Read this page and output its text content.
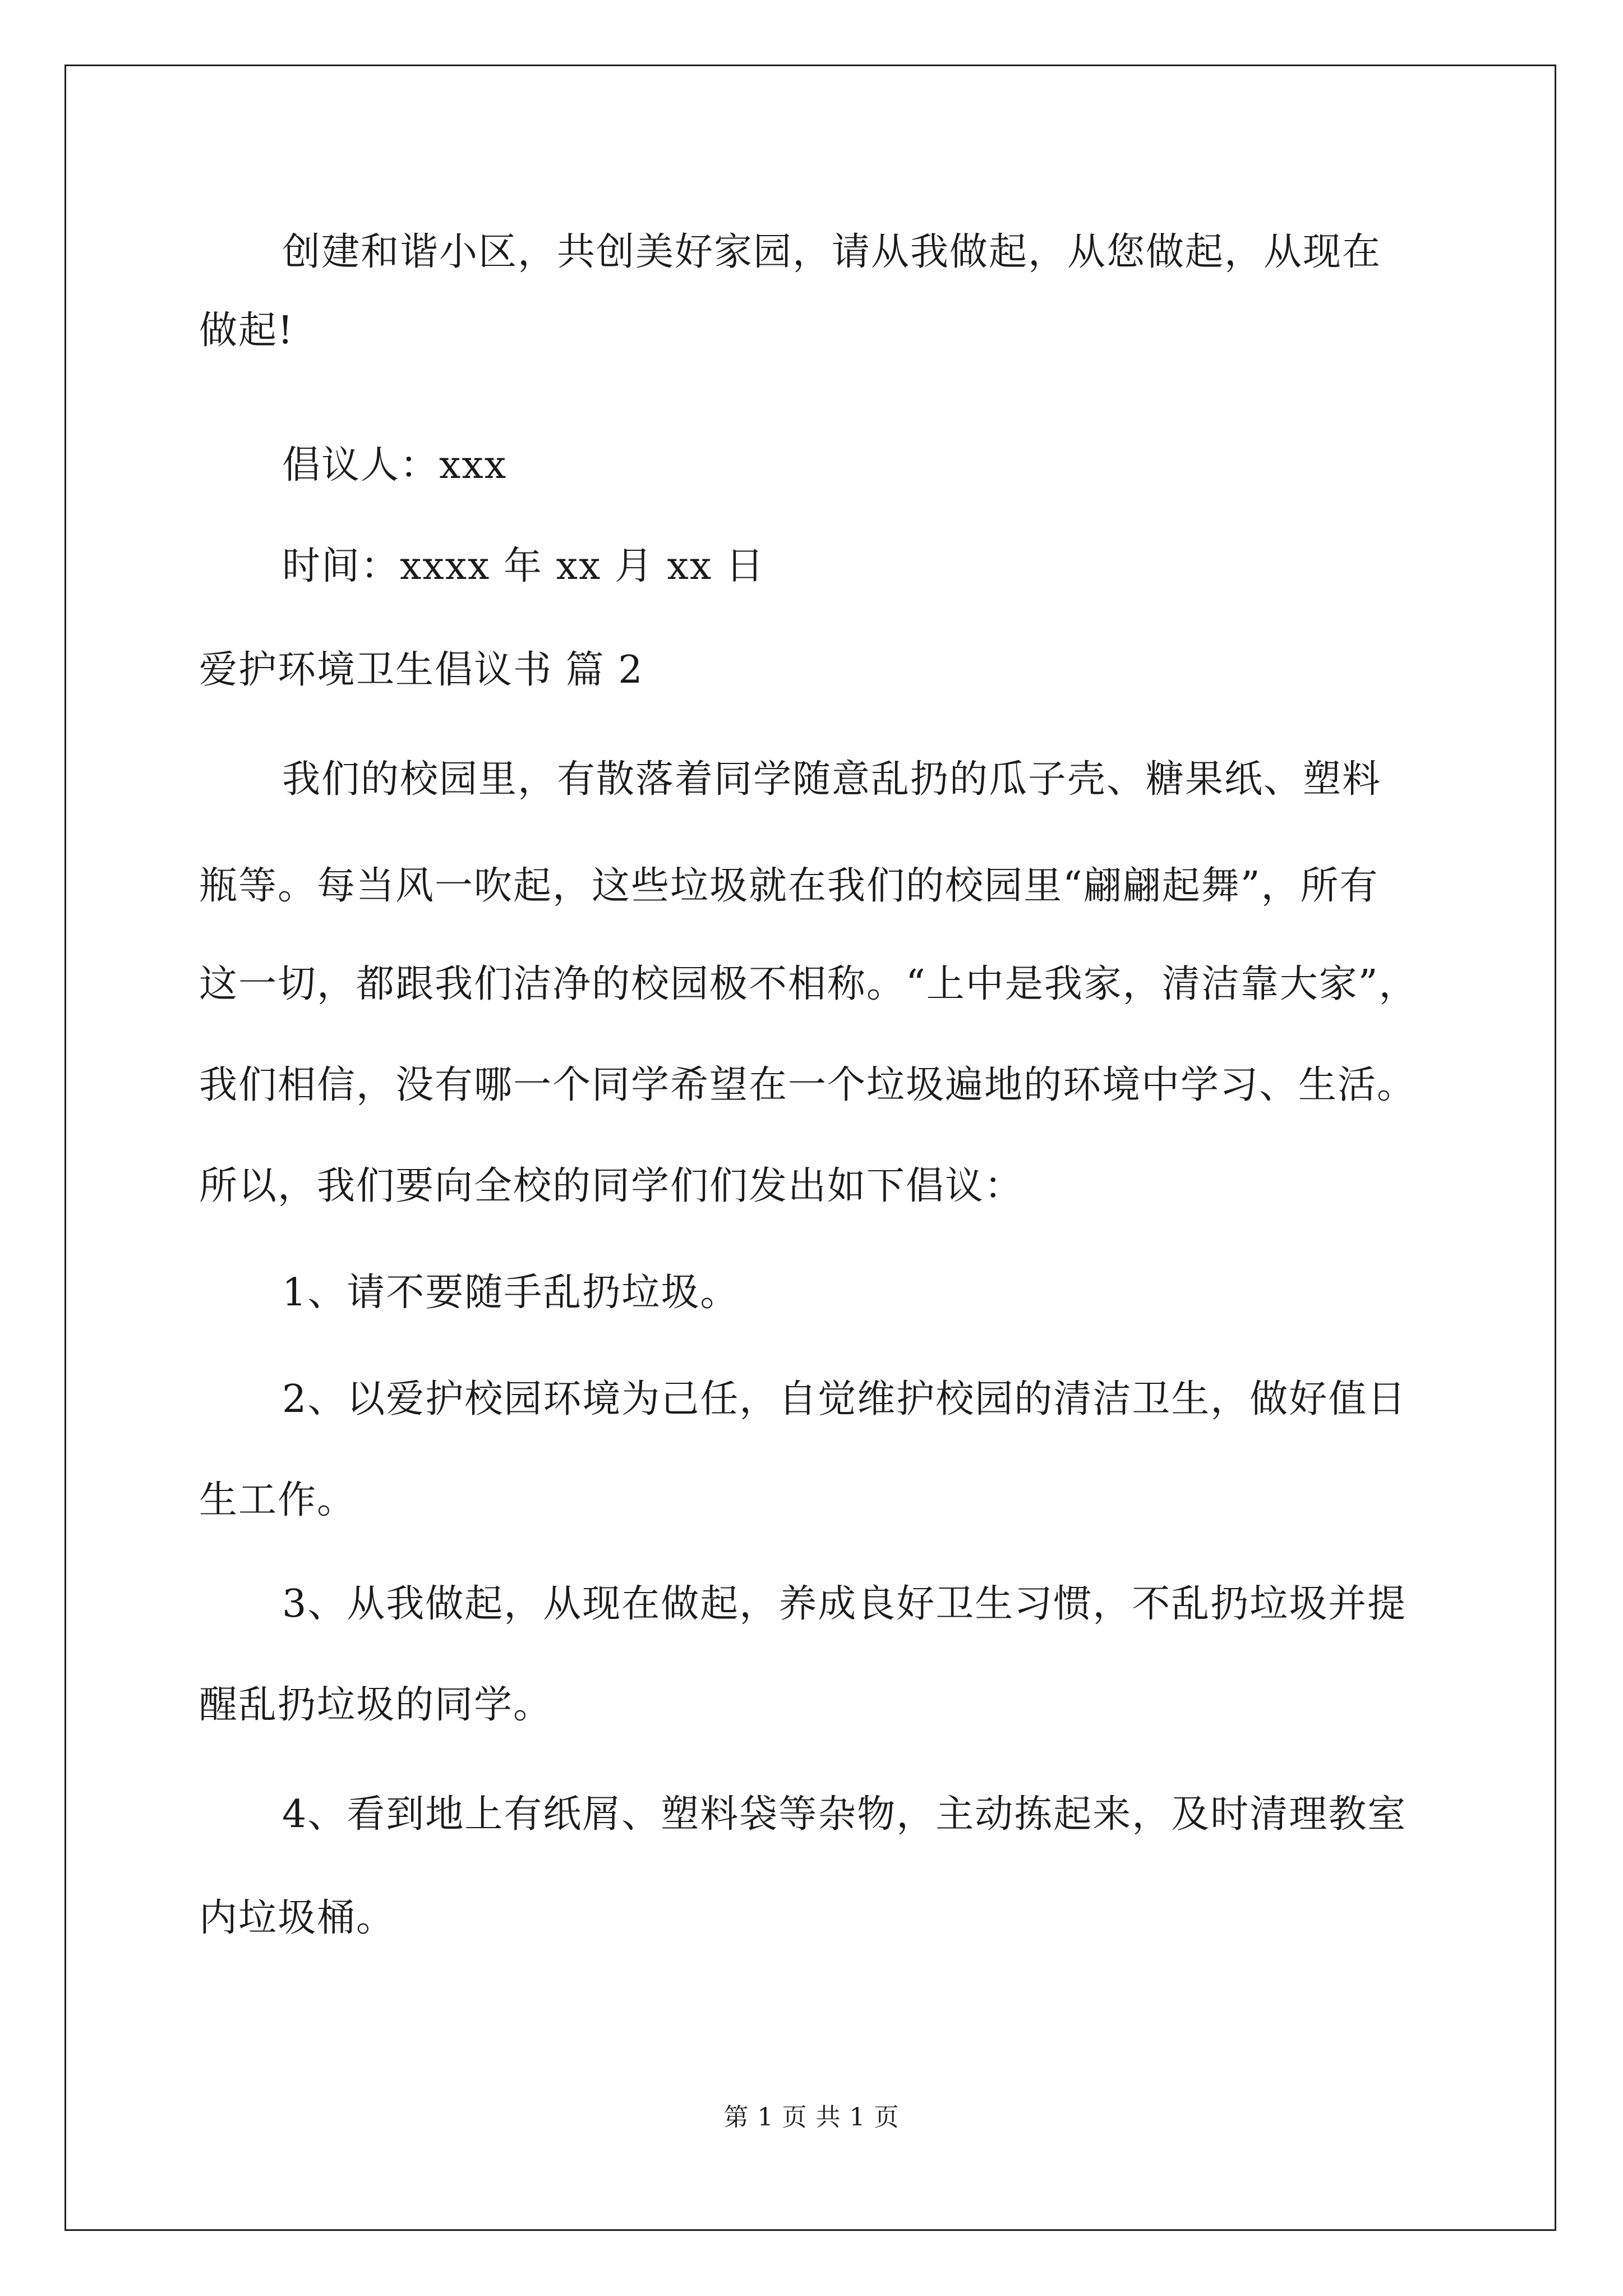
创建和谐小区，共创美好家园，请从我做起，从您做起，从现在
做起!
倡议人：xxx
时间：xxxx 年 xx 月 xx 日
爱护环境卫生倡议书 篇 2
我们的校园里，有散落着同学随意乱扔的瓜子壳、糖果纸、塑料
瓶等。每当风一吹起，这些垃圾就在我们的校园里“翩翩起舞”，所有
这一切，都跟我们洁净的校园极不相称。“上中是我家，清洁靠大家”，
我们相信，没有哪一个同学希望在一个垃圾遍地的环境中学习、生活。
所以，我们要向全校的同学们们发出如下倡议：
1、请不要随手乱扔垃圾。
2、以爱护校园环境为己任，自觉维护校园的清洁卫生，做好值日
生工作。
3、从我做起，从现在做起，养成良好卫生习惯，不乱扔垃圾并提
醒乱扔垃圾的同学。
4、看到地上有纸屑、塑料袋等杂物，主动拣起来，及时清理教室
内垃圾桶。
第 1 页 共 1 页
